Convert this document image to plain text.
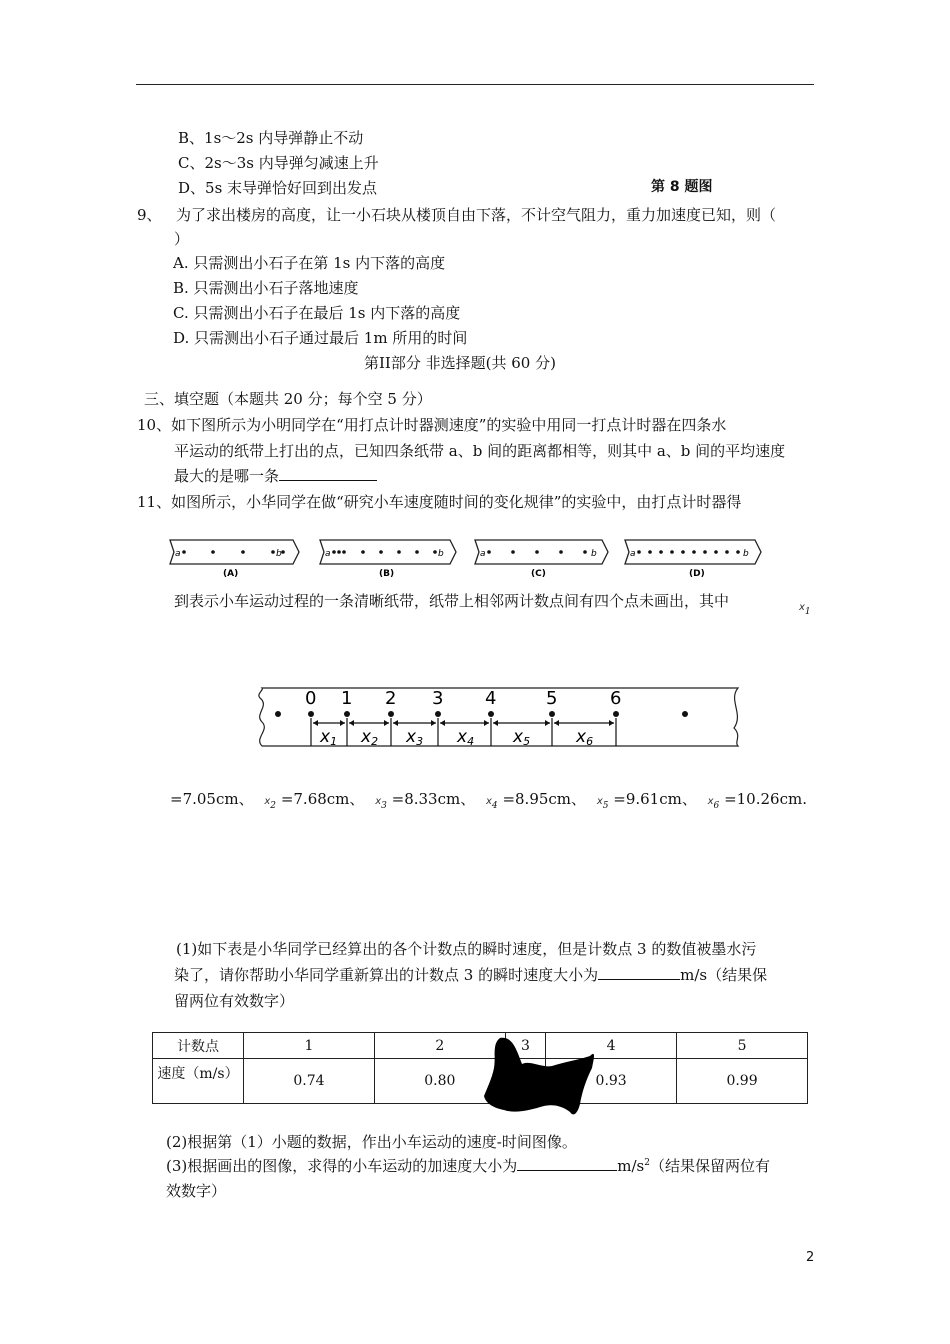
B、1s～2s 内导弹静止不动
C、2s～3s 内导弹匀减速上升
D、5s 末导弹恰好回到出发点	第 8 题图
9、 为了求出楼房的高度，让一小石块从楼顶自由下落，不计空气阻力，重力加速度已知，则（
）
A. 只需测出小石子在第 1s 内下落的高度
B. 只需测出小石子落地速度
C. 只需测出小石子在最后 1s 内下落的高度
D. 只需测出小石子通过最后 1m 所用的时间
第II部分 非选择题(共 60 分)
三、填空题（本题共 20 分；每个空 5 分）
10、如下图所示为小明同学在“用打点计时器测速度”的实验中用同一打点计时器在四条水
平运动的纸带上打出的点，已知四条纸带 a、b 间的距离都相等，则其中 a、b 间的平均速度
最大的是哪一条
11、如图所示，小华同学在做“研究小车速度随时间的变化规律”的实验中，由打点计时器得
a	b
(A)
a	b
(B)
a	b
(C)
a	b
(D)
到表示小车运动过程的一条清晰纸带，纸带上相邻两计数点间有四个点未画出，其中	$x_1$
0 1 2 3 4	5	6
x1 x2 x3 x4 x5	x6
=7.05cm、 $x_2 =7.68cm$、 $x_3 =8.33cm$、 $x_4 =8.95cm$、 $x_5 =9.61cm$、 $x_6 =10.26cm$.
(1)如下表是小华同学已经算出的各个计数点的瞬时速度，但是计数点 3 的数值被墨水污
染了，请你帮助小华同学重新算出的计数点 3 的瞬时速度大小为	m/s（结果保
留两位有效数字）
计数点	1	2	3	4	5
速度（m/s）	0.74	0.80		0.93	0.99
(2)根据第（1）小题的数据，作出小车运动的速度-时间图像。
(3)根据画出的图像，求得的小车运动的加速度大小为	$m/s^2$（结果保留两位有
效数字）
2
